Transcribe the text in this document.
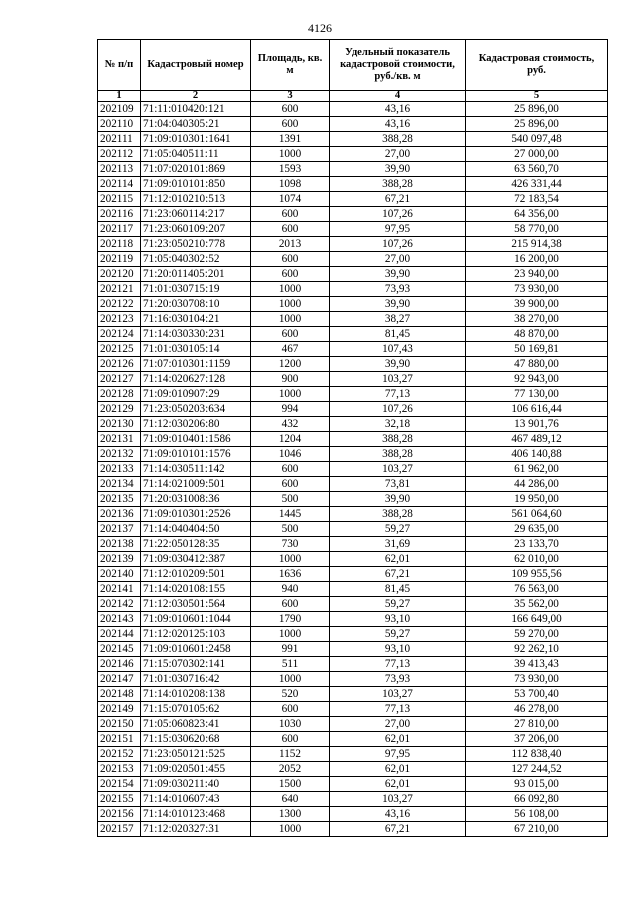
4126
№ п/п	Кадастровый номер	Площадь, кв. м	Удельный показатель кадастровой стоимости, руб./кв. м	Кадастровая стоимость, руб.
1	2	3	4	5
202109	71:11:010420:121	600	43,16	25 896,00
202110	71:04:040305:21	600	43,16	25 896,00
202111	71:09:010301:1641	1391	388,28	540 097,48
202112	71:05:040511:11	1000	27,00	27 000,00
202113	71:07:020101:869	1593	39,90	63 560,70
202114	71:09:010101:850	1098	388,28	426 331,44
202115	71:12:010210:513	1074	67,21	72 183,54
202116	71:23:060114:217	600	107,26	64 356,00
202117	71:23:060109:207	600	97,95	58 770,00
202118	71:23:050210:778	2013	107,26	215 914,38
202119	71:05:040302:52	600	27,00	16 200,00
202120	71:20:011405:201	600	39,90	23 940,00
202121	71:01:030715:19	1000	73,93	73 930,00
202122	71:20:030708:10	1000	39,90	39 900,00
202123	71:16:030104:21	1000	38,27	38 270,00
202124	71:14:030330:231	600	81,45	48 870,00
202125	71:01:030105:14	467	107,43	50 169,81
202126	71:07:010301:1159	1200	39,90	47 880,00
202127	71:14:020627:128	900	103,27	92 943,00
202128	71:09:010907:29	1000	77,13	77 130,00
202129	71:23:050203:634	994	107,26	106 616,44
202130	71:12:030206:80	432	32,18	13 901,76
202131	71:09:010401:1586	1204	388,28	467 489,12
202132	71:09:010101:1576	1046	388,28	406 140,88
202133	71:14:030511:142	600	103,27	61 962,00
202134	71:14:021009:501	600	73,81	44 286,00
202135	71:20:031008:36	500	39,90	19 950,00
202136	71:09:010301:2526	1445	388,28	561 064,60
202137	71:14:040404:50	500	59,27	29 635,00
202138	71:22:050128:35	730	31,69	23 133,70
202139	71:09:030412:387	1000	62,01	62 010,00
202140	71:12:010209:501	1636	67,21	109 955,56
202141	71:14:020108:155	940	81,45	76 563,00
202142	71:12:030501:564	600	59,27	35 562,00
202143	71:09:010601:1044	1790	93,10	166 649,00
202144	71:12:020125:103	1000	59,27	59 270,00
202145	71:09:010601:2458	991	93,10	92 262,10
202146	71:15:070302:141	511	77,13	39 413,43
202147	71:01:030716:42	1000	73,93	73 930,00
202148	71:14:010208:138	520	103,27	53 700,40
202149	71:15:070105:62	600	77,13	46 278,00
202150	71:05:060823:41	1030	27,00	27 810,00
202151	71:15:030620:68	600	62,01	37 206,00
202152	71:23:050121:525	1152	97,95	112 838,40
202153	71:09:020501:455	2052	62,01	127 244,52
202154	71:09:030211:40	1500	62,01	93 015,00
202155	71:14:010607:43	640	103,27	66 092,80
202156	71:14:010123:468	1300	43,16	56 108,00
202157	71:12:020327:31	1000	67,21	67 210,00
